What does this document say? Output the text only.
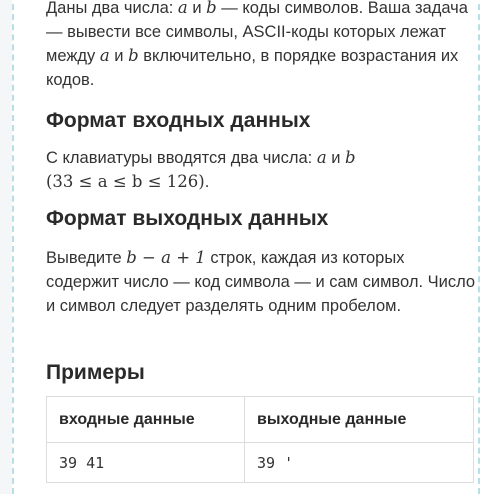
Даны два числа: a и b — коды символов. Ваша задача — вывести все символы, ASCII-коды которых лежат между a и b включительно, в порядке возрастания их кодов.

Формат входных данных

С клавиатуры вводятся два числа: a и b
(33 ≤ a ≤ b ≤ 126).

Формат выходных данных

Выведите b − a + 1 строк, каждая из которых содержит число — код символа — и сам символ. Число и символ следует разделять одним пробелом.

Примеры
входные данные	выходные данные
39 41	39 '
